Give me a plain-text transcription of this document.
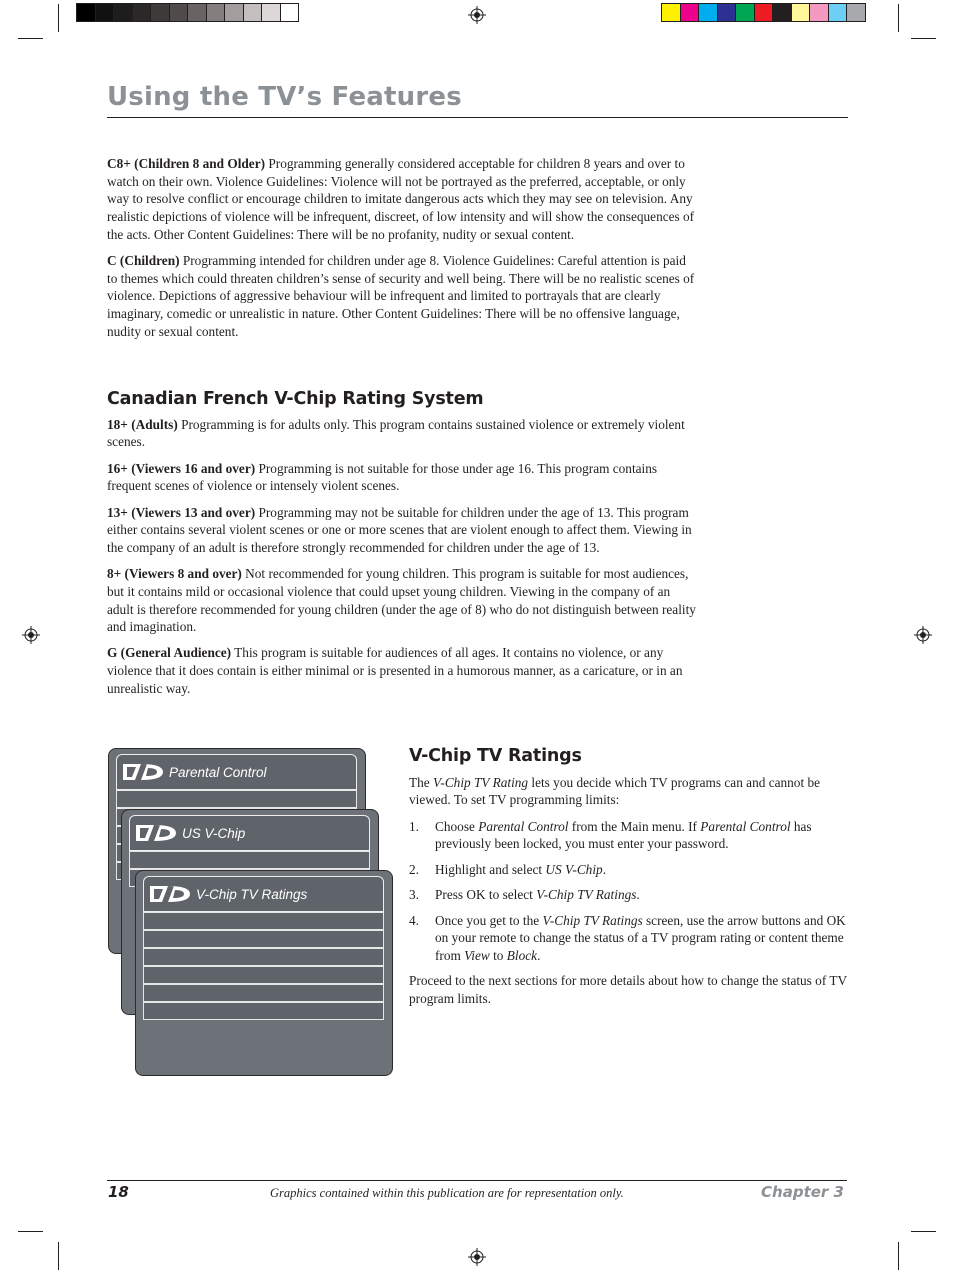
Using the TV’s Features

C8+ (Children 8 and Older) Programming generally considered acceptable for children 8 years and over to watch on their own. Violence Guidelines: Violence will not be portrayed as the preferred, acceptable, or only way to resolve conflict or encourage children to imitate dangerous acts which they may see on television. Any realistic depictions of violence will be infrequent, discreet, of low intensity and will show the consequences of the acts. Other Content Guidelines: There will be no profanity, nudity or sexual content.

C (Children) Programming intended for children under age 8. Violence Guidelines: Careful attention is paid to themes which could threaten children’s sense of security and well being. There will be no realistic scenes of violence. Depictions of aggressive behaviour will be infrequent and limited to portrayals that are clearly imaginary, comedic or unrealistic in nature. Other Content Guidelines: There will be no offensive language, nudity or sexual content.

Canadian French V-Chip Rating System

18+ (Adults) Programming is for adults only. This program contains sustained violence or extremely violent scenes.

16+ (Viewers 16 and over) Programming is not suitable for those under age 16. This program contains frequent scenes of violence or intensely violent scenes.

13+ (Viewers 13 and over) Programming may not be suitable for children under the age of 13. This program either contains several violent scenes or one or more scenes that are violent enough to affect them. Viewing in the company of an adult is therefore strongly recommended for children under the age of 13.

8+ (Viewers 8 and over) Not recommended for young children. This program is suitable for most audiences, but it contains mild or occasional violence that could upset young children. Viewing in the company of an adult is therefore recommended for young children (under the age of 8) who do not distinguish between reality and imagination.

G (General Audience) This program is suitable for audiences of all ages. It contains no violence, or any violence that it does contain is either minimal or is presented in a humorous manner, as a caricature, or in an unrealistic way.

Parental Control
US V-Chip
V-Chip TV Ratings
V-Chip TV Ratings

The V-Chip TV Rating lets you decide which TV programs can and cannot be viewed. To set TV programming limits:

1.	Choose Parental Control from the Main menu. If Parental Control has previously been locked, you must enter your password.
2.	Highlight and select US V-Chip.
3.	Press OK to select V-Chip TV Ratings.
4.	Once you get to the V-Chip TV Ratings screen, use the arrow buttons and OK on your remote to change the status of a TV program rating or content theme from View to Block.

Proceed to the next sections for more details about how to change the status of TV program limits.

18	Graphics contained within this publication are for representation only.	Chapter 3
